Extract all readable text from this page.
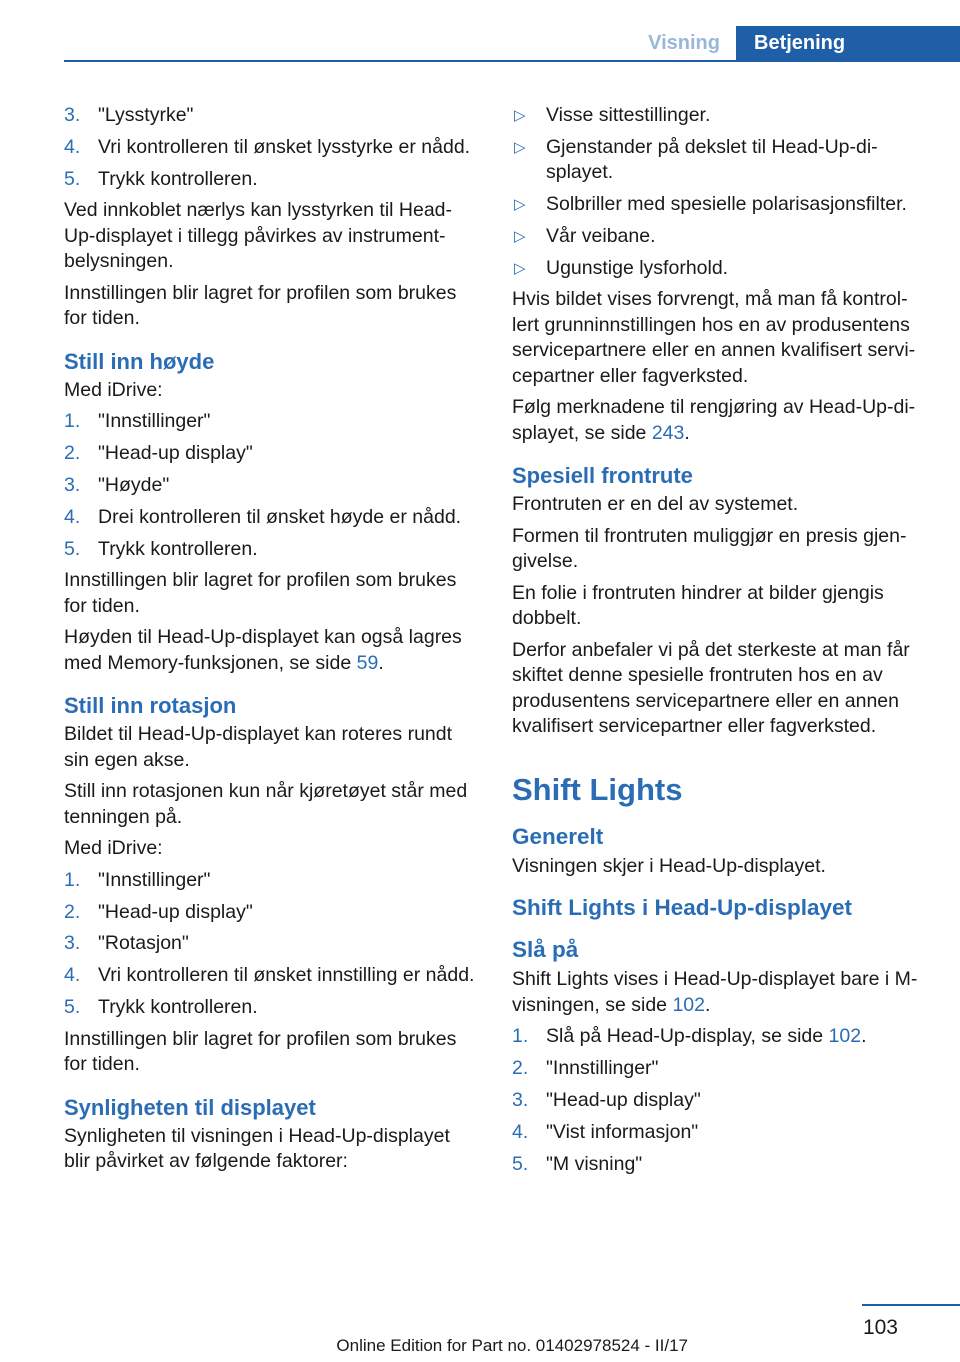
Visning	Betjening
3. "Lysstyrke"
4. Vri kontrolleren til ønsket lysstyrke er nådd.
5. Trykk kontrolleren.

Ved innkoblet nærlys kan lysstyrken til Head-Up-displayet i tillegg påvirkes av instrument-belysningen.

Innstillingen blir lagret for profilen som brukes for tiden.

Still inn høyde

Med iDrive:

1. "Innstillinger"
2. "Head-up display"
3. "Høyde"
4. Drei kontrolleren til ønsket høyde er nådd.
5. Trykk kontrolleren.

Innstillingen blir lagret for profilen som brukes for tiden.

Høyden til Head-Up-displayet kan også lagres med Memory-funksjonen, se side 59.

Still inn rotasjon

Bildet til Head-Up-displayet kan roteres rundt sin egen akse.

Still inn rotasjonen kun når kjøretøyet står med tenningen på.

Med iDrive:

1. "Innstillinger"
2. "Head-up display"
3. "Rotasjon"
4. Vri kontrolleren til ønsket innstilling er nådd.
5. Trykk kontrolleren.

Innstillingen blir lagret for profilen som brukes for tiden.

Synligheten til displayet

Synligheten til visningen i Head-Up-displayet blir påvirket av følgende faktorer:

▷ Visse sittestillinger.
▷ Gjenstander på dekslet til Head-Up-di-splayet.
▷ Solbriller med spesielle polarisasjonsfilter.
▷ Vår veibane.
▷ Ugunstige lysforhold.

Hvis bildet vises forvrengt, må man få kontrol-lert grunninnstillingen hos en av produsentens servicepartnere eller en annen kvalifisert servi-cepartner eller fagverksted.

Følg merknadene til rengjøring av Head-Up-di-splayet, se side 243.

Spesiell frontrute

Frontruten er en del av systemet.

Formen til frontruten muliggjør en presis gjen-givelse.

En folie i frontruten hindrer at bilder gjengis dobbelt.

Derfor anbefaler vi på det sterkeste at man får skiftet denne spesielle frontruten hos en av produsentens servicepartnere eller en annen kvalifisert servicepartner eller fagverksted.

Shift Lights
Generelt

Visningen skjer i Head-Up-displayet.

Shift Lights i Head-Up-displayet
Slå på

Shift Lights vises i Head-Up-displayet bare i M-visningen, se side 102.

1. Slå på Head-Up-display, se side 102.
2. "Innstillinger"
3. "Head-up display"
4. "Vist informasjon"
5. "M visning"
103
Online Edition for Part no. 01402978524 - II/17
